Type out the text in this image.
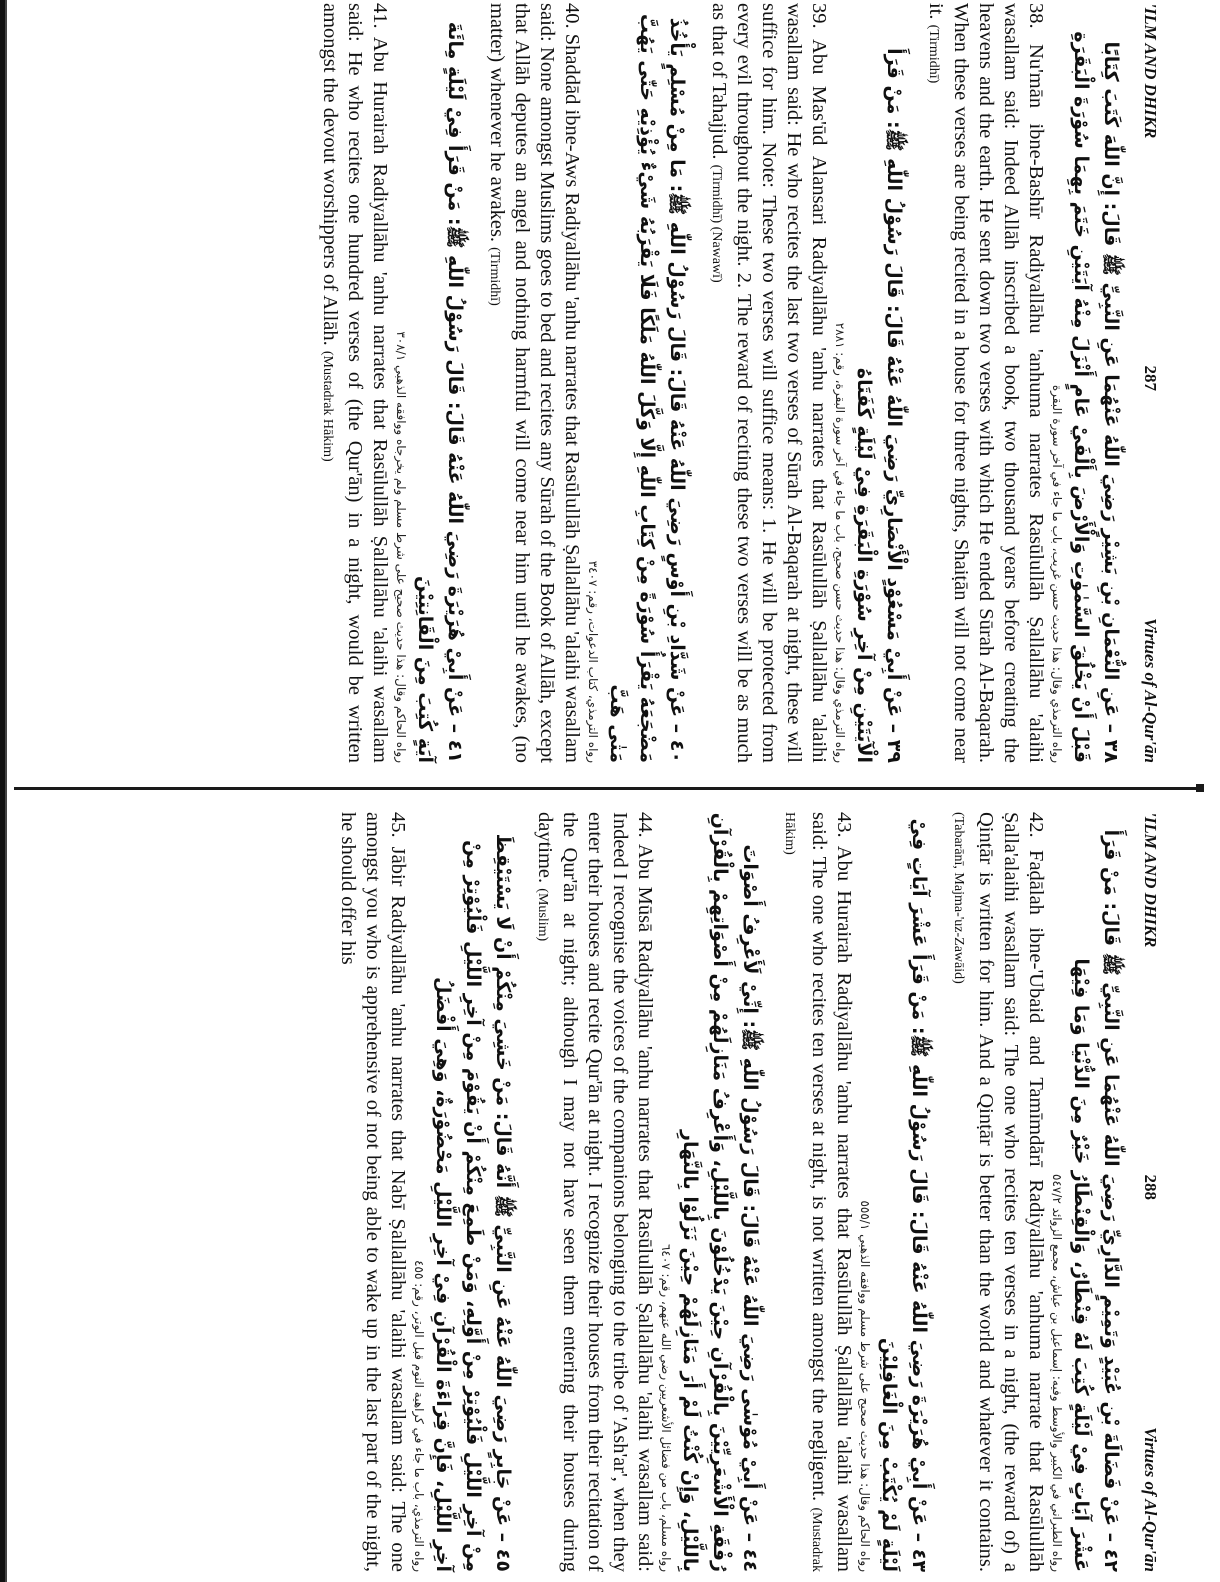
'ILM AND DHIKR
287
Virtues of Al-Qur'ān
٣٨ – عَنِ النُّعْمَانِ بْنِ بَشِيْرٍ رَضِيَ اللّٰهُ عَنْهُمَا عَنِ النَّبِيِّ ﷺ قَالَ: إِنَّ اللّٰهَ كَتَبَ كِتَابًا قَبْلَ أَنْ يَخْلُقَ السَّمٰوٰتِ وَالْأَرْضَ بِأَلْفَيْ عَامٍ أَنْزَلَ مِنْهُ آيَتَيْنِ خَتَمَ بِهِمَا سُوْرَةَ الْبَقَرَةِ
رواه الترمذي وقال: هذا حديث حسن غريب، باب ما جاء في آخر سورة البقرة
38. Nu'mān ibne-Bashīr Radiyallāhu 'anhuma narrates Rasūlullāh Ṣallallāhu 'alaihi wasallam said: Indeed Allāh inscribed a book, two thousand years before creating the heavens and the earth. He sent down two verses with which He ended Sūrah Al-Baqarah. When these verses are being recited in a house for three nights, Shaiṭān will not come near it. (Tirmidhī)
٣٩ – عَنْ أَبِيْ مَسْعُوْدٍ الْأَنْصَارِيِّ رَضِيَ اللّٰهُ عَنْهُ قَالَ: قَالَ رَسُوْلُ اللّٰهِ ﷺ: مَنْ قَرَأَ الْآيَتَيْنِ مِنْ آخِرِ سُوْرَةِ الْبَقَرَةِ فِيْ لَيْلَةٍ كَفَتَاهُ
رواه الترمذي وقال: هذا حديث حسن صحيح، باب ما جاء في آخر سورة البقرة، رقم: ٢٨٨١
39. Abu Mas'ūd Alansari Radiyallāhu 'anhu narrates that Rasūlullāh Ṣallallāhu 'alaihi wasallam said: He who recites the last two verses of Sūrah Al-Baqarah at night, these will suffice for him. Note: These two verses will suffice means: 1. He will be protected from every evil throughout the night. 2. The reward of reciting these two verses will be as much as that of Tahajjud. (Tirmidhī) (Nawawī)
٤٠ – عَنْ شَدَّادِ بْنِ أَوْسٍ رَضِيَ اللّٰهُ عَنْهُ قَالَ: قَالَ رَسُوْلُ اللّٰهِ ﷺ: مَا مِنْ مُسْلِمٍ يَأْخُذُ مَضْجَعَهُ يَقْرَأُ سُوْرَةً مِنْ كِتَابِ اللّٰهِ إِلَّا وَكَّلَ اللّٰهُ مَلَكًا فَلَا يَقْرَبُهُ شَيْءٌ يُؤْذِيْهِ حَتّٰى يَهُبَّ مَتٰى هَبَّ
رواه الترمذي، كتاب الدعوات، رقم: ٣٤٠٧
40. Shaddād ibne-Aws Radiyallāhu 'anhu narrates that Rasūlullāh Ṣallallāhu 'alaihi wasallam said: None amongst Muslims goes to bed and recites any Sūrah of the Book of Allāh, except that Allāh deputes an angel and nothing harmful will come near him until he awakes, (no matter) whenever he awakes. (Tirmidhī)
٤١ – عَنْ أَبِيْ هُرَيْرَةَ رَضِيَ اللّٰهُ عَنْهُ قَالَ: قَالَ رَسُوْلُ اللّٰهِ ﷺ: مَنْ قَرَأَ فِيْ لَيْلَةٍ مِائَةَ آيَةٍ كُتِبَ مِنَ الْقَانِتِيْنَ
رواه الحاكم وقال: هذا حديث صحيح على شرط مسلم ولم يخرجاه ووافقه الذهبي ٣٠٨/١
41. Abu Hurairah Radiyallāhu 'anhu narrates that Rasūlullāh Ṣallallāhu 'alaihi wasallam said: He who recites one hundred verses of (the Qur'ān) in a night, would be written amongst the devout worshippers of Allāh. (Mustadrak Hākim)
'ILM AND DHIKR
288
Virtues of Al-Qur'ān
٤٢ – عَنْ فَضَالَةَ بْنِ عُبَيْدٍ وَتَمِيْمٍ الدَّارِيِّ رَضِيَ اللّٰهُ عَنْهُمَا عَنِ النَّبِيِّ ﷺ قَالَ: مَنْ قَرَأَ عَشْرَ آيَاتٍ فِيْ لَيْلَةٍ كُتِبَ لَهُ قِنْطَارٌ، وَالْقِنْطَارُ خَيْرٌ مِنَ الدُّنْيَا وَمَا فِيْهَا
رواه الطبراني في الكبير والأوسط وفيه: إسماعيل بن عياش، مجمع الزوائد ٥٤٧/٢
42. Faḍālah ibne-'Ubaid and Tamīmdārī Radiyallāhu 'anhuma narrate that Rasūlullāh Ṣalla'alaihi wasallam said: The one who recites ten verses in a night, (the reward of) a Qinṭār is written for him. And a Qinṭār is better than the world and whatever it contains. (Tabarānī, Majma-'uz-Zawāid)
٤٣ – عَنْ أَبِيْ هُرَيْرَةَ رَضِيَ اللّٰهُ عَنْهُ قَالَ: قَالَ رَسُوْلُ اللّٰهِ ﷺ: مَنْ قَرَأَ عَشْرَ آيَاتٍ فِيْ لَيْلَةٍ لَمْ يُكْتَبْ مِنَ الْغَافِلِيْنَ
رواه الحاكم وقال: هذا حديث صحيح على شرط مسلم ووافقه الذهبي ٥٥٥/١
43. Abu Hurairah Radiyallāhu 'anhu narrates that Rasūlullāh Ṣallallāhu 'alaihi wasallam said: The one who recites ten verses at night, is not written amongst the negligent. (Mustadrak Hākim)
٤٤ – عَنْ أَبِيْ مُوْسٰى رَضِيَ اللّٰهُ عَنْهُ قَالَ: قَالَ رَسُوْلُ اللّٰهِ ﷺ: إِنِّيْ لَأَعْرِفُ أَصْوَاتَ رُفْقَةِ الْأَشْعَرِيِّيْنَ بِالْقُرْآنِ حِيْنَ يَدْخُلُوْنَ بِاللَّيْلِ، وَأَعْرِفُ مَنَازِلَهُمْ مِنْ أَصْوَاتِهِمْ بِالْقُرْآنِ بِاللَّيْلِ، وَإِنْ كُنْتُ لَمْ أَرَ مَنَازِلَهُمْ حِيْنَ نَزَلُوْا بِالنَّهَارِ
رواه مسلم، باب من فضائل الأشعريين رضي الله عنهم، رقم: ٦٤٠٧
44. Abu Mūsā Radiyallāhu 'anhu narrates that Rasūlullāh Ṣallallāhu 'alaihi wasallam said: Indeed I recognise the voices of the companions belonging to the tribe of 'Ash'ar', when they enter their houses and recite Qur'ān at night. I recognize their houses from their recitation of the Qur'ān at night; although I may not have seen them entering their houses during daytime. (Muslim)
٤٥ – عَنْ جَابِرٍ رَضِيَ اللّٰهُ عَنْهُ عَنِ النَّبِيِّ ﷺ أَنَّهُ قَالَ: مَنْ خَشِيَ مِنْكُمْ أَنْ لَا يَسْتَيْقِظَ مِنْ آخِرِ اللَّيْلِ فَلْيُوْتِرْ مِنْ أَوَّلِهِ، وَمَنْ طَمِعَ مِنْكُمْ أَنْ يَقُوْمَ مِنْ آخِرِ اللَّيْلِ فَلْيُوْتِرْ مِنْ آخِرِ اللَّيْلِ، فَإِنَّ قِرَاءَةَ الْقُرْآنِ فِيْ آخِرِ اللَّيْلِ مَحْضُوْرَةٌ، وَهِيَ أَفْضَلُ
رواه الترمذي، باب ما جاء في كراهية النوم قبل الوتر، رقم: ٤٥٥
45. Jābir Radiyallāhu 'anhu narrates that Nabī Ṣallallāhu 'alaihi wasallam said: The one amongst you who is apprehensive of not being able to wake up in the last part of the night, he should offer his
